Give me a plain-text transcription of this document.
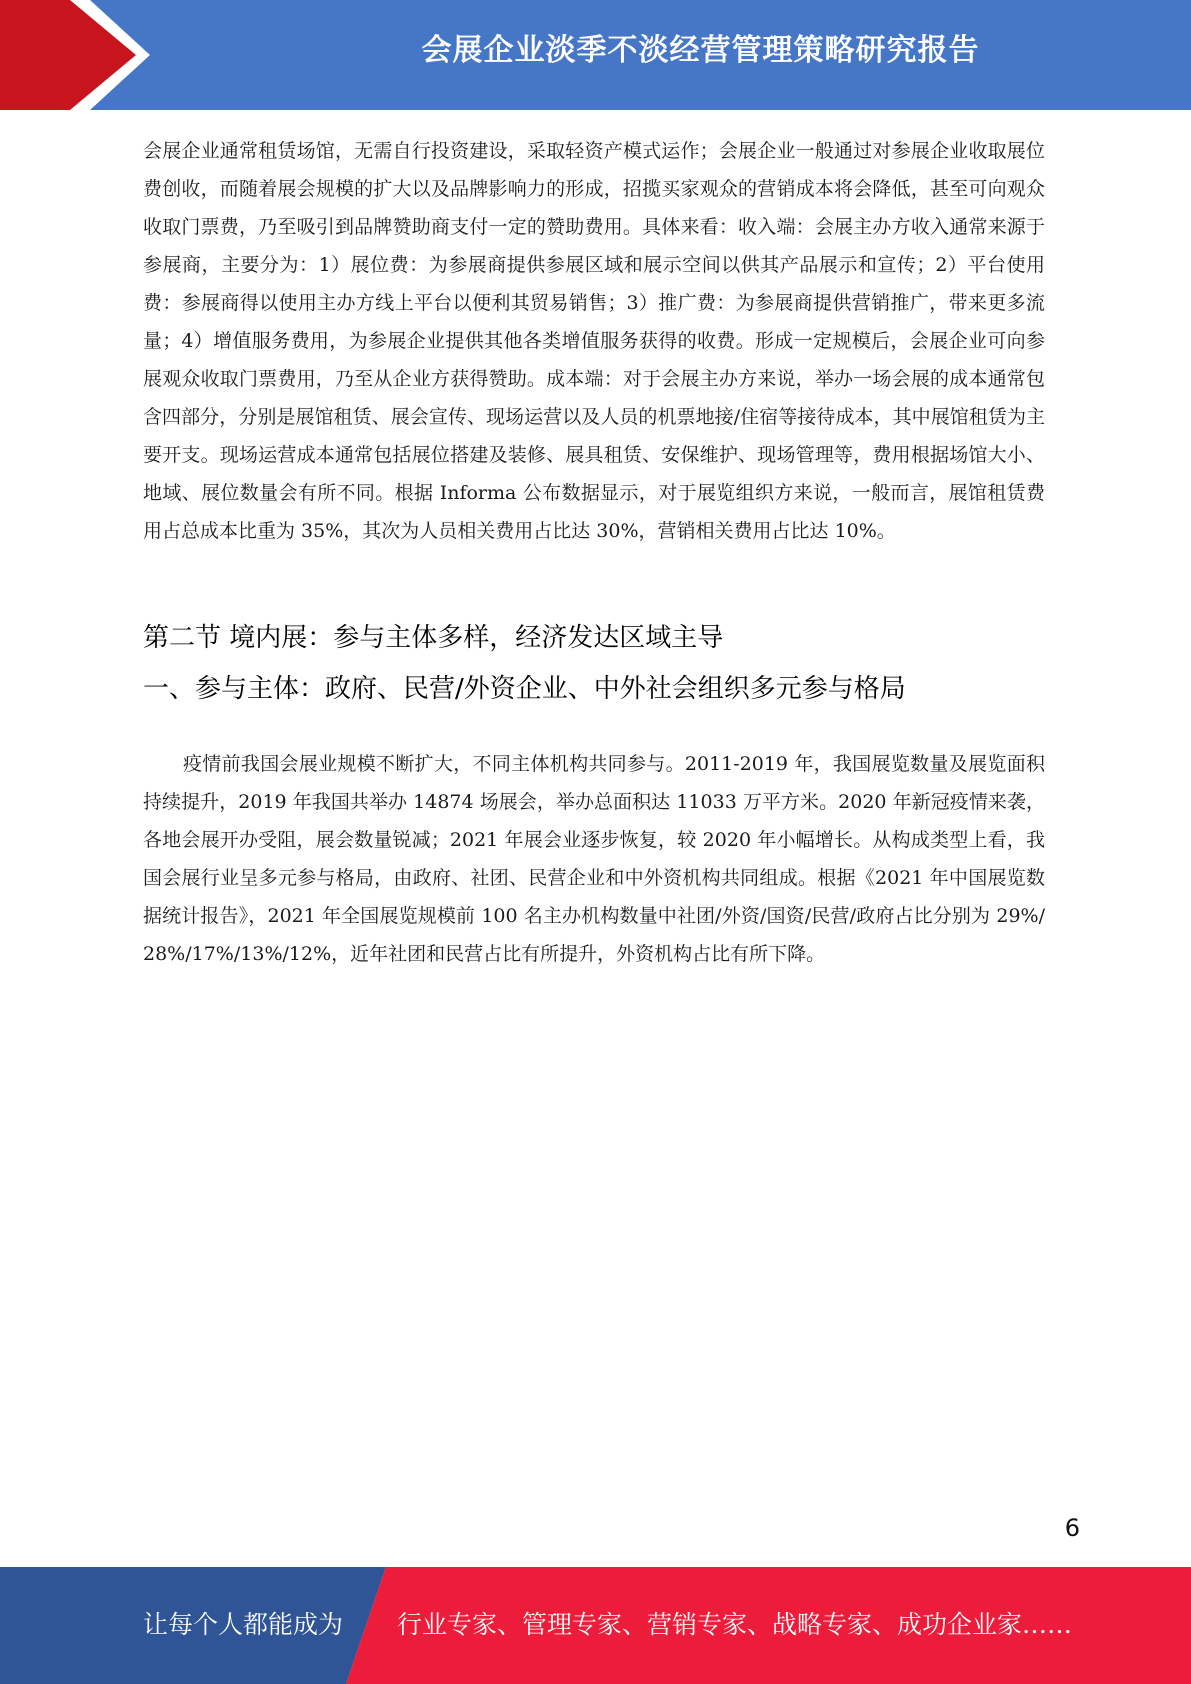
会展企业淡季不淡经营管理策略研究报告

会展企业通常租赁场馆，无需自行投资建设，采取轻资产模式运作；会展企业一般通过对参展企业收取展位费创收，而随着展会规模的扩大以及品牌影响力的形成，招揽买家观众的营销成本将会降低，甚至可向观众收取门票费，乃至吸引到品牌赞助商支付一定的赞助费用。具体来看：收入端：会展主办方收入通常来源于参展商，主要分为：1）展位费：为参展商提供参展区域和展示空间以供其产品展示和宣传；2）平台使用费：参展商得以使用主办方线上平台以便利其贸易销售；3）推广费：为参展商提供营销推广，带来更多流量；4）增值服务费用，为参展企业提供其他各类增值服务获得的收费。形成一定规模后，会展企业可向参展观众收取门票费用，乃至从企业方获得赞助。成本端：对于会展主办方来说，举办一场会展的成本通常包含四部分，分别是展馆租赁、展会宣传、现场运营以及人员的机票地接/住宿等接待成本，其中展馆租赁为主要开支。现场运营成本通常包括展位搭建及装修、展具租赁、安保维护、现场管理等，费用根据场馆大小、地域、展位数量会有所不同。根据 Informa 公布数据显示，对于展览组织方来说，一般而言，展馆租赁费用占总成本比重为 35%，其次为人员相关费用占比达 30%，营销相关费用占比达 10%。

第二节 境内展：参与主体多样，经济发达区域主导
一、参与主体：政府、民营/外资企业、中外社会组织多元参与格局

疫情前我国会展业规模不断扩大，不同主体机构共同参与。2011-2019 年，我国展览数量及展览面积持续提升，2019 年我国共举办 14874 场展会，举办总面积达 11033 万平方米。2020 年新冠疫情来袭，各地会展开办受阻，展会数量锐减；2021 年展会业逐步恢复，较 2020 年小幅增长。从构成类型上看，我国会展行业呈多元参与格局，由政府、社团、民营企业和中外资机构共同组成。根据《2021 年中国展览数据统计报告》，2021 年全国展览规模前 100 名主办机构数量中社团/外资/国资/民营/政府占比分别为 29%/28%/17%/13%/12%，近年社团和民营占比有所提升，外资机构占比有所下降。

6
让每个人都能成为 行业专家、管理专家、营销专家、战略专家、成功企业家……
